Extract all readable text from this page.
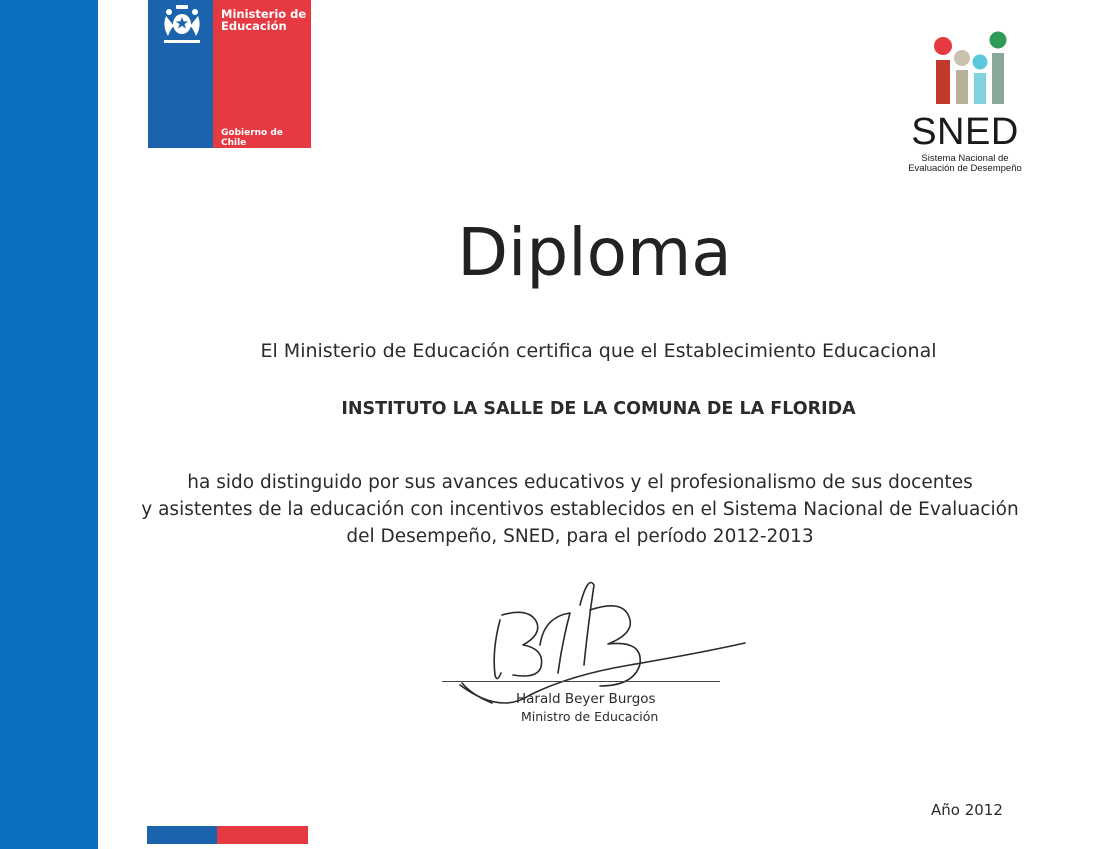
Ministerio de
Educación
Gobierno de Chile	SNED
Sistema Nacional de
Evaluación de Desempeño
Diploma
El Ministerio de Educación certifica que el Establecimiento Educacional
INSTITUTO LA SALLE DE LA COMUNA DE LA FLORIDA
ha sido distinguido por sus avances educativos y el profesionalismo de sus docentes
y asistentes de la educación con incentivos establecidos en el Sistema Nacional de Evaluación
del Desempeño, SNED, para el período 2012-2013
Harald Beyer Burgos
Ministro de Educación
Año 2012
